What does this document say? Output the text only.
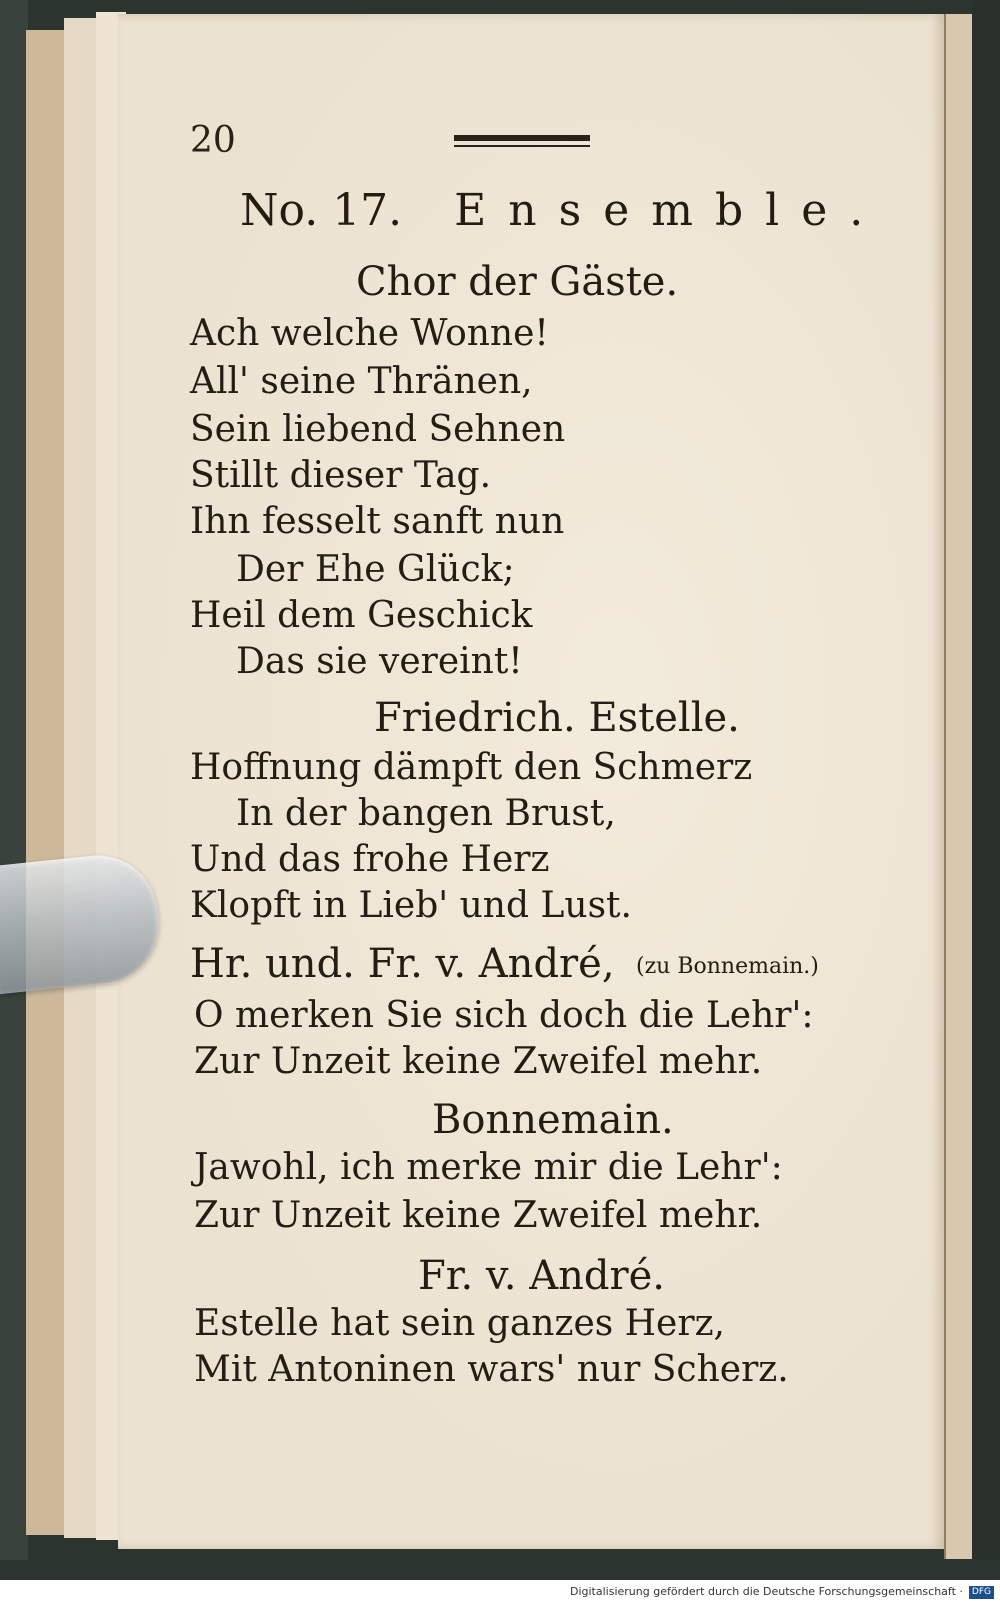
20
No. 17. Ensemble.
Chor der Gäste.
Ach welche Wonne!
All' seine Thränen,
Sein liebend Sehnen
Stillt dieser Tag.
Ihn fesselt sanft nun
Der Ehe Glück;
Heil dem Geschick
Das sie vereint!
Friedrich. Estelle.
Hoffnung dämpft den Schmerz
In der bangen Brust,
Und das frohe Herz
Klopft in Lieb' und Lust.
Hr. und. Fr. v. André, (zu Bonnemain.)
O merken Sie sich doch die Lehr':
Zur Unzeit keine Zweifel mehr.
Bonnemain.
Jawohl, ich merke mir die Lehr':
Zur Unzeit keine Zweifel mehr.
Fr. v. André.
Estelle hat sein ganzes Herz,
Mit Antoninen wars' nur Scherz.
Digitalisierung gefördert durch die Deutsche Forschungsgemeinschaft · DFG
